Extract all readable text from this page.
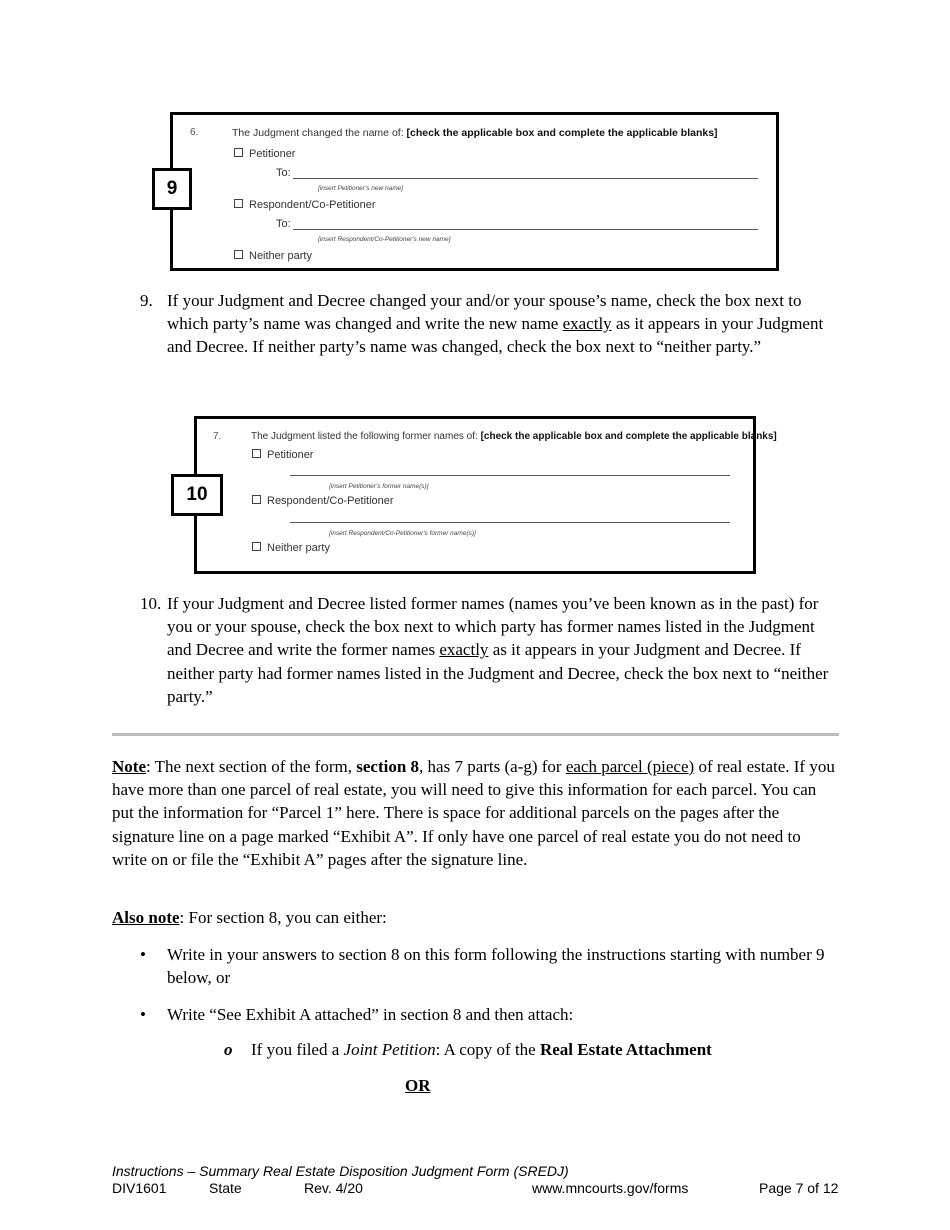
6.	The Judgment changed the name of: [check the applicable box and complete the applicable blanks]
Petitioner
To:
[insert Petitioner's new name]
Respondent/Co-Petitioner
To:
[insert Respondent/Co-Petitioner's new name]
Neither party
9
9. If your Judgment and Decree changed your and/or your spouse’s name, check the box next to which party’s name was changed and write the new name exactly as it appears in your Judgment and Decree. If neither party’s name was changed, check the box next to “neither party.”
7.	The Judgment listed the following former names of: [check the applicable box and complete the applicable blanks]
Petitioner
[insert Petitioner's former name(s)]
Respondent/Co-Petitioner
[insert Respondent/Co-Petitioner's former name(s)]
Neither party
10
10. If your Judgment and Decree listed former names (names you’ve been known as in the past) for you or your spouse, check the box next to which party has former names listed in the Judgment and Decree and write the former names exactly as it appears in your Judgment and Decree. If neither party had former names listed in the Judgment and Decree, check the box next to “neither party.”
Note: The next section of the form, section 8, has 7 parts (a-g) for each parcel (piece) of real estate. If you have more than one parcel of real estate, you will need to give this information for each parcel. You can put the information for “Parcel 1” here. There is space for additional parcels on the pages after the signature line on a page marked “Exhibit A”. If only have one parcel of real estate you do not need to write on or file the “Exhibit A” pages after the signature line.
Also note: For section 8, you can either:
• Write in your answers to section 8 on this form following the instructions starting with number 9 below, or
• Write “See Exhibit A attached” in section 8 and then attach:
o If you filed a Joint Petition: A copy of the Real Estate Attachment
OR
Instructions – Summary Real Estate Disposition Judgment Form (SREDJ)
DIV1601	State	Rev. 4/20	www.mncourts.gov/forms	Page 7 of 12
